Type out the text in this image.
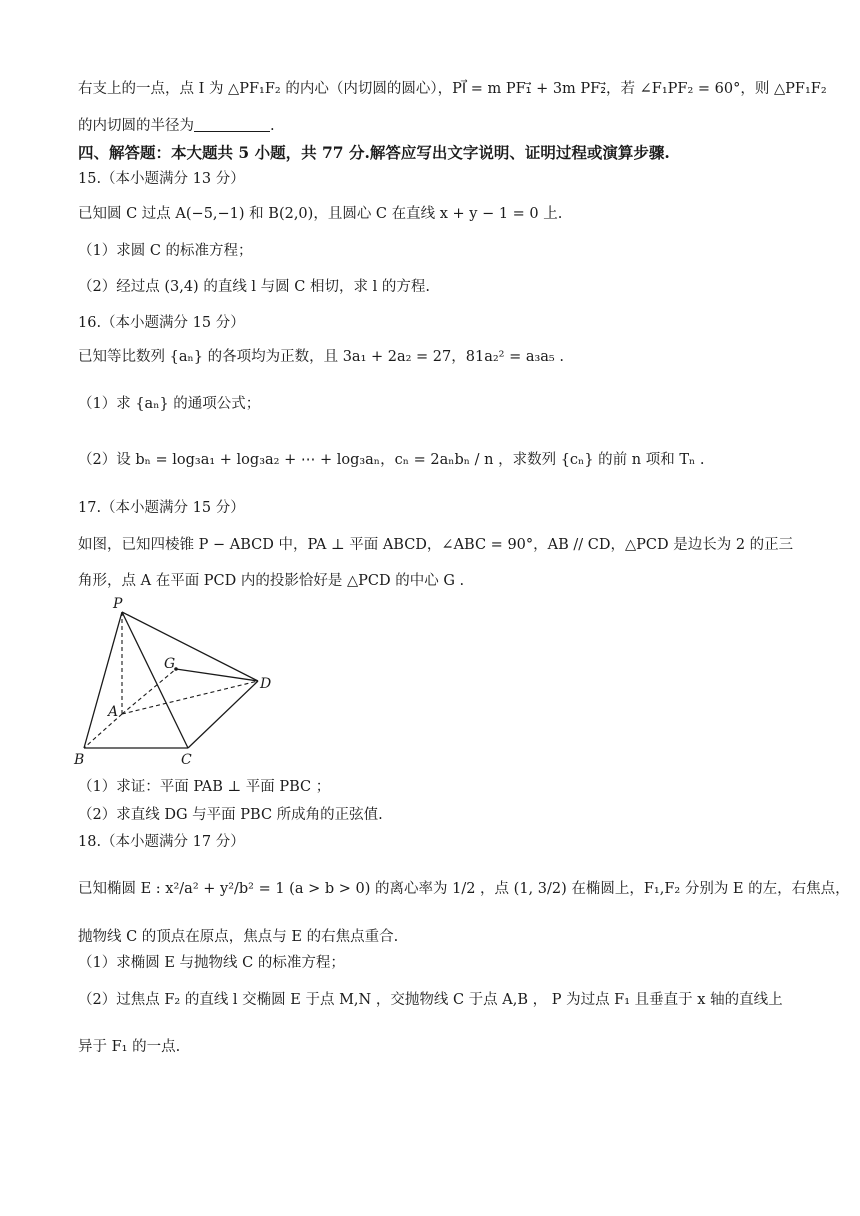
右支上的一点，点 I 为 △PF₁F₂ 的内心（内切圆的圆心），PI⃗ = m PF₁⃗ + 3m PF₂⃗，若 ∠F₁PF₂ = 60°，则 △PF₁F₂
的内切圆的半径为	.
四、解答题：本大题共 5 小题，共 77 分.解答应写出文字说明、证明过程或演算步骤.
15.（本小题满分 13 分）
已知圆 C 过点 A(−5,−1) 和 B(2,0)，且圆心 C 在直线 x + y − 1 = 0 上.
（1）求圆 C 的标准方程；
（2）经过点 (3,4) 的直线 l 与圆 C 相切，求 l 的方程.
16.（本小题满分 15 分）
已知等比数列 {aₙ} 的各项均为正数，且 3a₁ + 2a₂ = 27，81a₂² = a₃a₅ .
（1）求 {aₙ} 的通项公式；
（2）设 bₙ = log₃a₁ + log₃a₂ + ⋯ + log₃aₙ，cₙ = 2aₙbₙ / n ，求数列 {cₙ} 的前 n 项和 Tₙ .
17.（本小题满分 15 分）
如图，已知四棱锥 P − ABCD 中，PA ⊥ 平面 ABCD，∠ABC = 90°，AB // CD，△PCD 是边长为 2 的正三
角形，点 A 在平面 PCD 内的投影恰好是 △PCD 的中心 G .
P
G
D
A
B	C
（1）求证：平面 PAB ⊥ 平面 PBC ；
（2）求直线 DG 与平面 PBC 所成角的正弦值.
18.（本小题满分 17 分）
已知椭圆 E : x²/a² + y²/b² = 1 (a > b > 0) 的离心率为 1/2 ，点 (1, 3/2) 在椭圆上，F₁,F₂ 分别为 E 的左，右焦点，
抛物线 C 的顶点在原点，焦点与 E 的右焦点重合.
（1）求椭圆 E 与抛物线 C 的标准方程；
（2）过焦点 F₂ 的直线 l 交椭圆 E 于点 M,N ，交抛物线 C 于点 A,B ， P 为过点 F₁ 且垂直于 x 轴的直线上
异于 F₁ 的一点.
